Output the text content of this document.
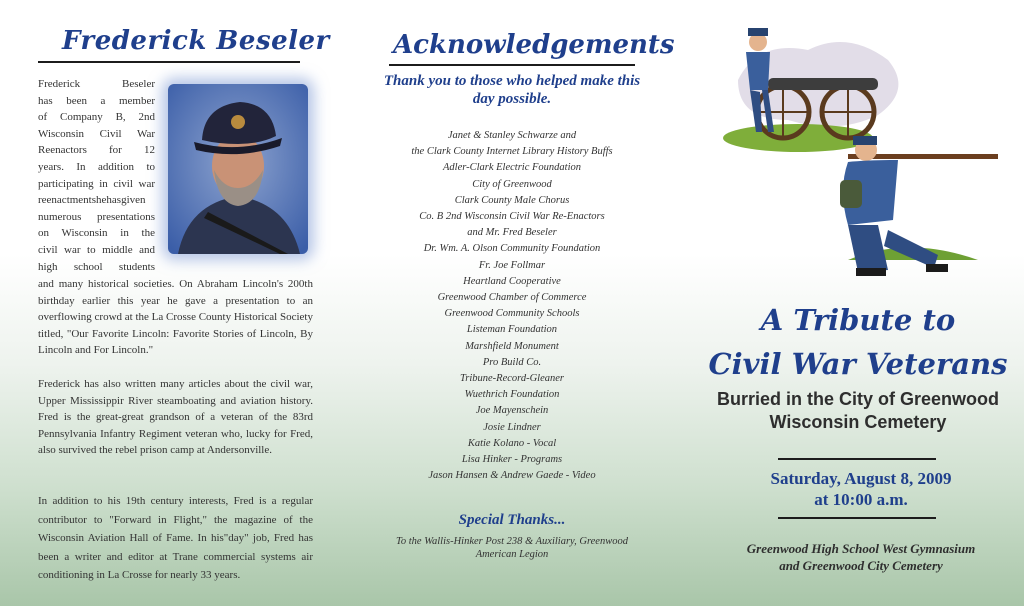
Frederick Beseler
Frederick Beseler
has been a member
of Company B, 2nd
Wisconsin Civil War
Reenactors for 12
years. In addition to
participating in civil war
reenactmentshehasgiven
numerous presentations
on Wisconsin in the
civil war to middle and
high school students
and many historical societies. On Abraham Lincoln's 200th birthday earlier this year he gave a presentation to an overflowing crowd at the La Crosse County Historical Society titled, "Our Favorite Lincoln: Favorite Stories of Lincoln, By Lincoln and For Lincoln."
Frederick has also written many articles about the civil war, Upper Mississippir River steamboating and aviation history. Fred is the great-great grandson of a veteran of the 83rd Pennsylvania Infantry Regiment veteran who, lucky for Fred, also survived the rebel prison camp at Andersonville.
In addition to his 19th century interests, Fred is a regular contributor to "Forward in Flight," the magazine of the Wisconsin Aviation Hall of Fame. In his"day" job, Fred has been a writer and editor at Trane commercial systems air conditioning in La Crosse for nearly 33 years.
Acknowledgements
Thank you to those who helped make this day possible.
Janet & Stanley Schwarze and
the Clark County Internet Library History Buffs
Adler-Clark Electric Foundation
City of Greenwood
Clark County Male Chorus
Co. B 2nd Wisconsin Civil War Re-Enactors
and Mr. Fred Beseler
Dr. Wm. A. Olson Community Foundation
Fr. Joe Follmar
Heartland Cooperative
Greenwood Chamber of Commerce
Greenwood Community Schools
Listeman Foundation
Marshfield Monument
Pro Build Co.
Tribune-Record-Gleaner
Wuethrich Foundation
Joe Mayenschein
Josie Lindner
Katie Kolano - Vocal
Lisa Hinker - Programs
Jason Hansen & Andrew Gaede - Video
Special Thanks...
To the Wallis-Hinker Post 238 & Auxiliary, Greenwood American Legion
A Tribute to
Civil War Veterans
Burried in the City of Greenwood
Wisconsin Cemetery
Saturday, August 8, 2009
at 10:00 a.m.
Greenwood High School West Gymnasium
and Greenwood City Cemetery
